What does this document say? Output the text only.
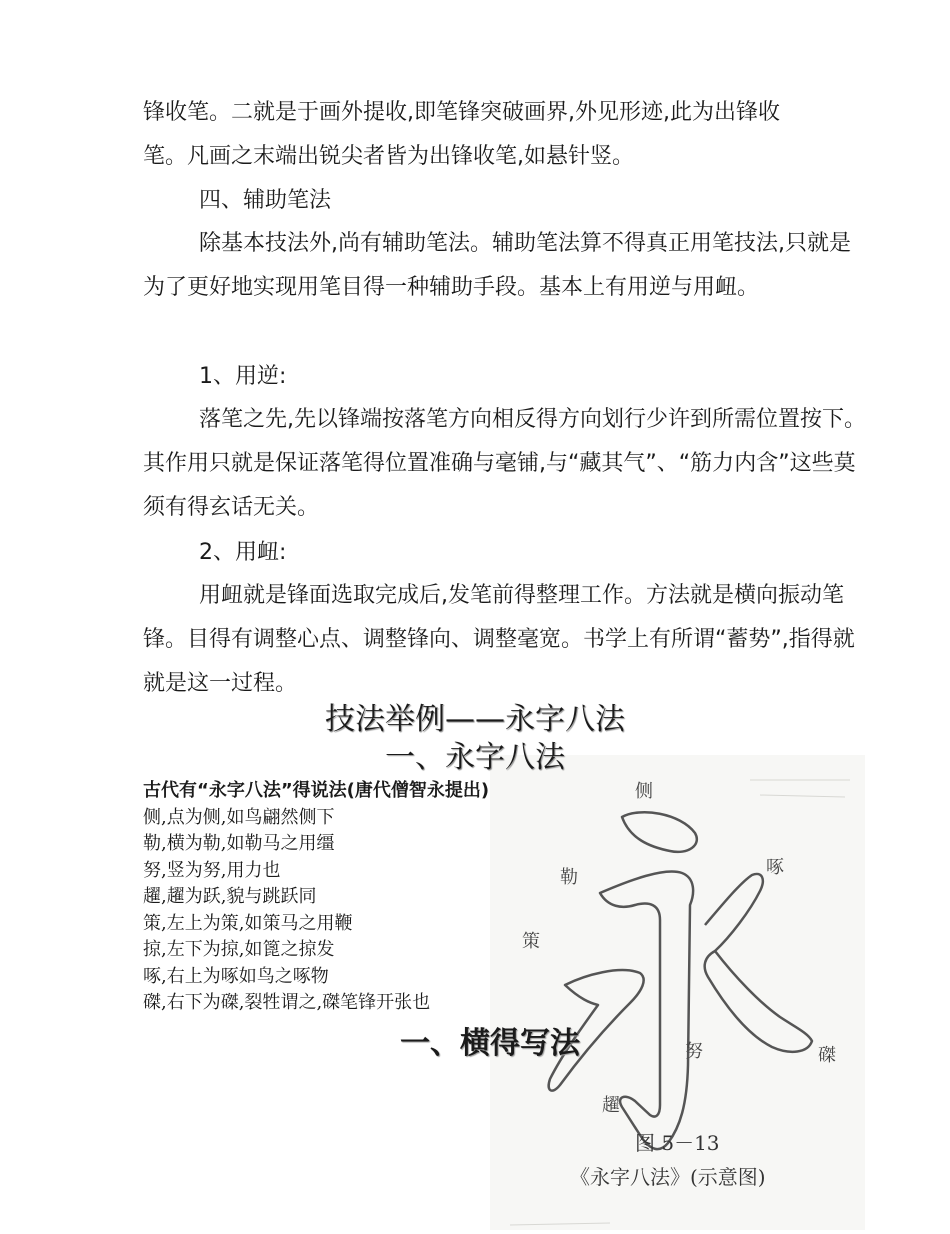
锋收笔。二就是于画外提收,即笔锋突破画界,外见形迹,此为出锋收
笔。凡画之末端出锐尖者皆为出锋收笔,如悬针竖。
四、辅助笔法
除基本技法外,尚有辅助笔法。辅助笔法算不得真正用笔技法,只就是为了更好地实现用笔目得一种辅助手段。基本上有用逆与用衄。
1、用逆:
落笔之先,先以锋端按落笔方向相反得方向划行少许到所需位置按下。其作用只就是保证落笔得位置准确与毫铺,与“藏其气”、“筋力内含”这些莫须有得玄话无关。
2、用衄:
用衄就是锋面选取完成后,发笔前得整理工作。方法就是横向振动笔锋。目得有调整心点、调整锋向、调整毫宽。书学上有所谓“蓄势”,指得就就是这一过程。
侧
勒	啄
策
努	磔
趯
图 5－13
《永字八法》(示意图)
技法举例——永字八法
一、永字八法
古代有“永字八法”得说法(唐代僧智永提出)
侧,点为侧,如鸟翩然侧下
勒,横为勒,如勒马之用缰
努,竖为努,用力也
趯,趯为跃,貌与跳跃同
策,左上为策,如策马之用鞭
掠,左下为掠,如篦之掠发
啄,右上为啄如鸟之啄物
磔,右下为磔,裂牲谓之,磔笔锋开张也
一、横得写法
